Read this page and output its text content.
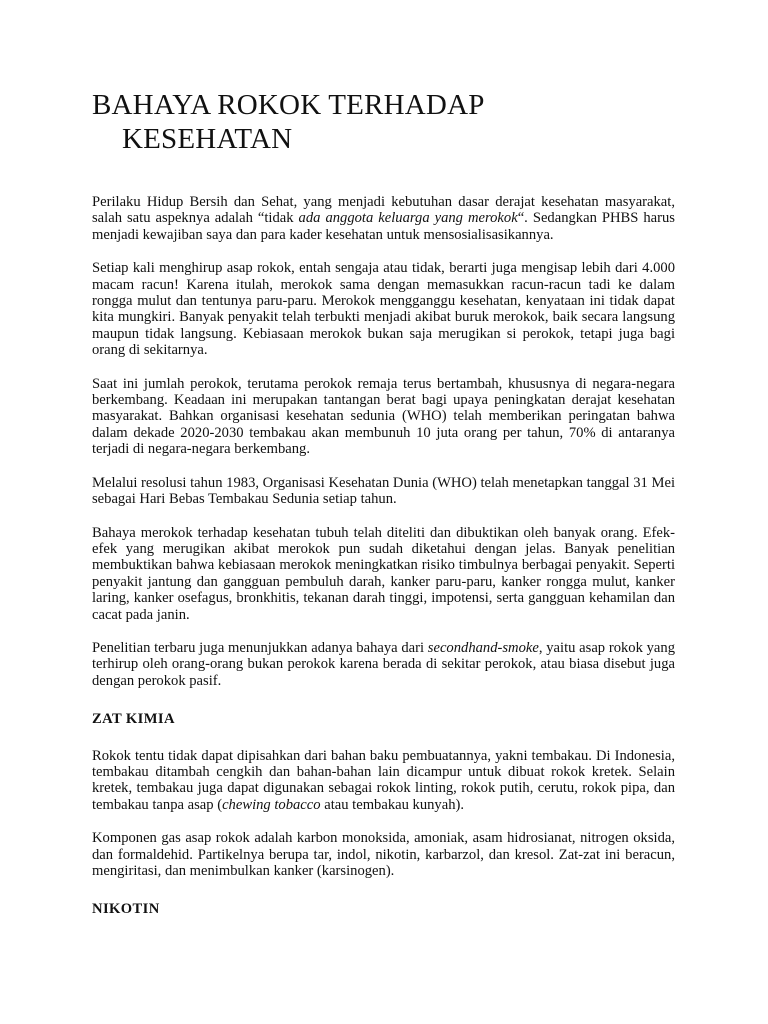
BAHAYA ROKOK TERHADAP
KESEHATAN

Perilaku Hidup Bersih dan Sehat, yang menjadi kebutuhan dasar derajat kesehatan masyarakat, salah satu aspeknya adalah “tidak ada anggota keluarga yang merokok“. Sedangkan PHBS harus menjadi kewajiban saya dan para kader kesehatan untuk mensosialisasikannya.

Setiap kali menghirup asap rokok, entah sengaja atau tidak, berarti juga mengisap lebih dari 4.000 macam racun! Karena itulah, merokok sama dengan memasukkan racun-racun tadi ke dalam rongga mulut dan tentunya paru-paru. Merokok mengganggu kesehatan, kenyataan ini tidak dapat kita mungkiri. Banyak penyakit telah terbukti menjadi akibat buruk merokok, baik secara langsung maupun tidak langsung. Kebiasaan merokok bukan saja merugikan si perokok, tetapi juga bagi orang di sekitarnya.

Saat ini jumlah perokok, terutama perokok remaja terus bertambah, khususnya di negara-negara berkembang. Keadaan ini merupakan tantangan berat bagi upaya peningkatan derajat kesehatan masyarakat. Bahkan organisasi kesehatan sedunia (WHO) telah memberikan peringatan bahwa dalam dekade 2020-2030 tembakau akan membunuh 10 juta orang per tahun, 70% di antaranya terjadi di negara-negara berkembang.

Melalui resolusi tahun 1983, Organisasi Kesehatan Dunia (WHO) telah menetapkan tanggal 31 Mei sebagai Hari Bebas Tembakau Sedunia setiap tahun.

Bahaya merokok terhadap kesehatan tubuh telah diteliti dan dibuktikan oleh banyak orang. Efek-efek yang merugikan akibat merokok pun sudah diketahui dengan jelas. Banyak penelitian membuktikan bahwa kebiasaan merokok meningkatkan risiko timbulnya berbagai penyakit. Seperti penyakit jantung dan gangguan pembuluh darah, kanker paru-paru, kanker rongga mulut, kanker laring, kanker osefagus, bronkhitis, tekanan darah tinggi, impotensi, serta gangguan kehamilan dan cacat pada janin.

Penelitian terbaru juga menunjukkan adanya bahaya dari secondhand-smoke, yaitu asap rokok yang terhirup oleh orang-orang bukan perokok karena berada di sekitar perokok, atau biasa disebut juga dengan perokok pasif.

ZAT KIMIA

Rokok tentu tidak dapat dipisahkan dari bahan baku pembuatannya, yakni tembakau. Di Indonesia, tembakau ditambah cengkih dan bahan-bahan lain dicampur untuk dibuat rokok kretek. Selain kretek, tembakau juga dapat digunakan sebagai rokok linting, rokok putih, cerutu, rokok pipa, dan tembakau tanpa asap (chewing tobacco atau tembakau kunyah).

Komponen gas asap rokok adalah karbon monoksida, amoniak, asam hidrosianat, nitrogen oksida, dan formaldehid. Partikelnya berupa tar, indol, nikotin, karbarzol, dan kresol. Zat-zat ini beracun, mengiritasi, dan menimbulkan kanker (karsinogen).

NIKOTIN
